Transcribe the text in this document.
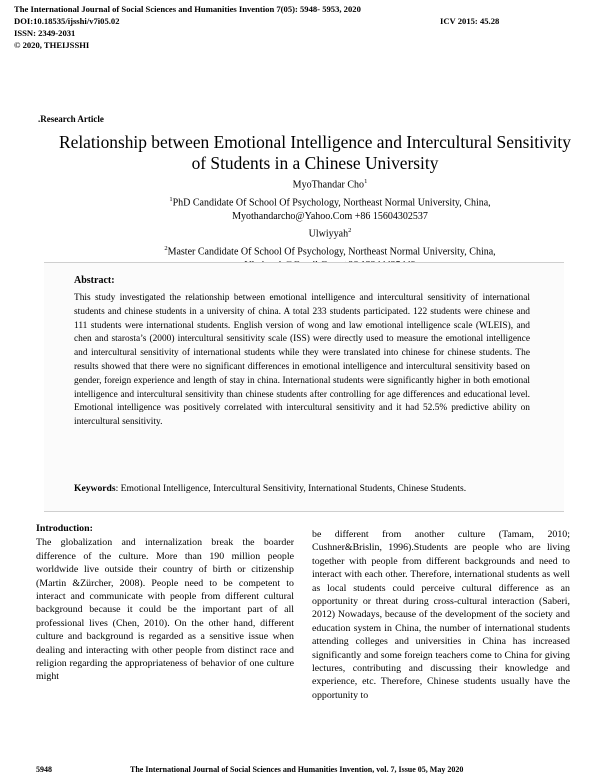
The International Journal of Social Sciences and Humanities Invention 7(05): 5948- 5953, 2020
DOI:10.18535/ijsshi/v7i05.02	ICV 2015: 45.28
ISSN: 2349-2031
© 2020, THEIJSSHI
.Research Article
Relationship between Emotional Intelligence and Intercultural Sensitivity
of Students in a Chinese University
MyoThandar Cho$^1$
$^1$PhD Candidate Of School Of Psychology, Northeast Normal University, China,
Myothandarcho@Yahoo.Com +86 15604302537
Ulwiyyah$^2$
$^2$Master Candidate Of School Of Psychology, Northeast Normal University, China,
Abstract:
This study investigated the relationship between emotional intelligence and intercultural sensitivity of international students and chinese students in a university of china. A total 233 students participated. 122 students were chinese and 111 students were international students. English version of wong and law emotional intelligence scale (WLEIS), and chen and starosta’s (2000) intercultural sensitivity scale (ISS) were directly used to measure the emotional intelligence and intercultural sensitivity of international students while they were translated into chinese for chinese students. The results showed that there were no significant differences in emotional intelligence and intercultural sensitivity based on gender, foreign experience and length of stay in china. International students were significantly higher in both emotional intelligence and intercultural sensitivity than chinese students after controlling for age differences and educational level. Emotional intelligence was positively correlated with intercultural sensitivity and it had 52.5% predictive ability on intercultural sensitivity.
Keywords: Emotional Intelligence, Intercultural Sensitivity, International Students, Chinese Students.

Introduction:

The globalization and internalization break the boarder difference of the culture. More than 190 million people worldwide live outside their country of birth or citizenship (Martin &Zürcher, 2008). People need to be competent to interact and communicate with people from different cultural background because it could be the important part of all professional lives (Chen, 2010). On the other hand, different culture and background is regarded as a sensitive issue when dealing and interacting with other people from distinct race and religion regarding the appropriateness of behavior of one culture might

be different from another culture (Tamam, 2010; Cushner&Brislin, 1996).Students are people who are living together with people from different backgrounds and need to interact with each other. Therefore, international students as well as local students could perceive cultural difference as an opportunity or threat during cross-cultural interaction (Saberi, 2012) Nowadays, because of the development of the society and education system in China, the number of international students attending colleges and universities in China has increased significantly and some foreign teachers come to China for giving lectures, contributing and discussing their knowledge and experience, etc. Therefore, Chinese students usually have the opportunity to

5948	The International Journal of Social Sciences and Humanities Invention, vol. 7, Issue 05, May 2020
